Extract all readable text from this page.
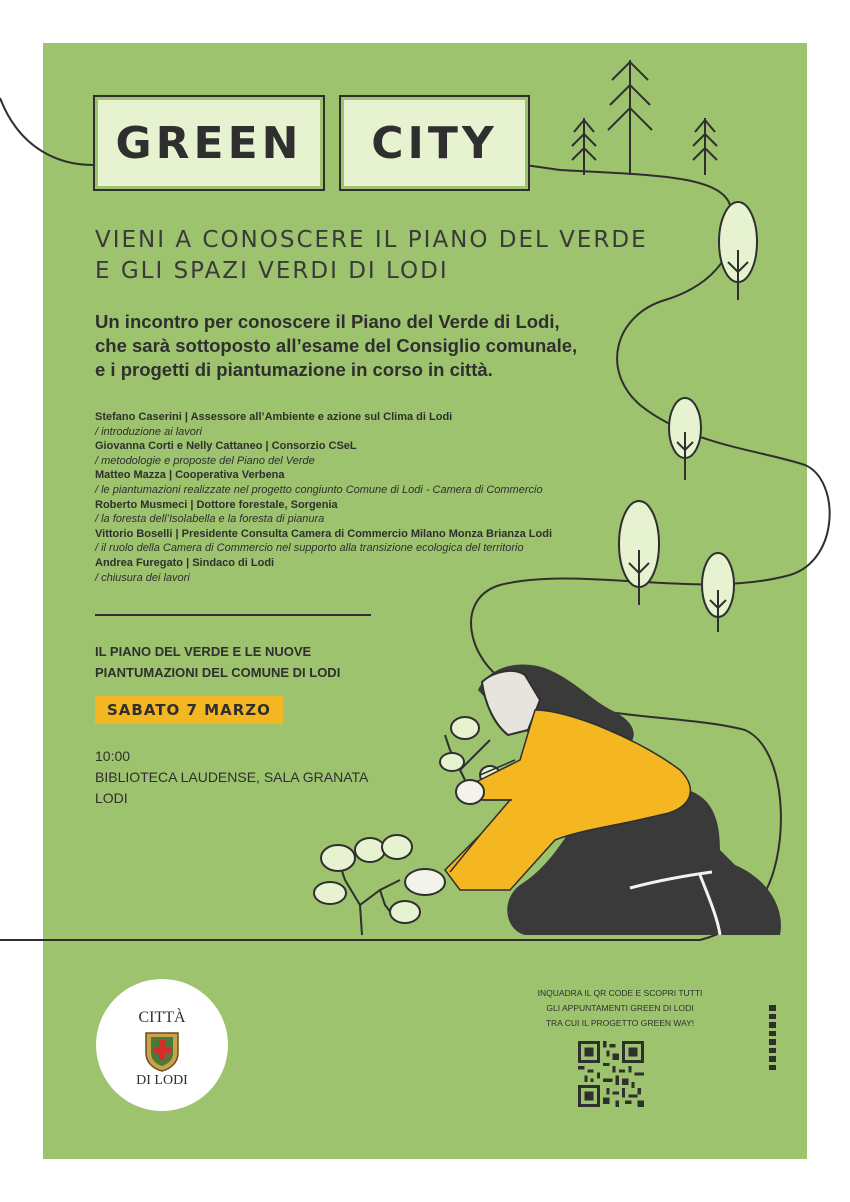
GREEN CITY
VIENI A CONOSCERE IL PIANO DEL VERDE
E GLI SPAZI VERDI DI LODI
Un incontro per conoscere il Piano del Verde di Lodi,
che sarà sottoposto all’esame del Consiglio comunale,
e i progetti di piantumazione in corso in città.
Stefano Caserini | Assessore all’Ambiente e azione sul Clima di Lodi
/ introduzione ai lavori
Giovanna Corti e Nelly Cattaneo | Consorzio CSeL
/ metodologie e proposte del Piano del Verde
Matteo Mazza | Cooperativa Verbena
/ le piantumazioni realizzate nel progetto congiunto Comune di Lodi - Camera di Commercio
Roberto Musmeci | Dottore forestale, Sorgenia
/ la foresta dell’Isolabella e la foresta di pianura
Vittorio Boselli | Presidente Consulta Camera di Commercio Milano Monza Brianza Lodi
/ il ruolo della Camera di Commercio nel supporto alla transizione ecologica del territorio
Andrea Furegato | Sindaco di Lodi
/ chiusura dei lavori
IL PIANO DEL VERDE E LE NUOVE
PIANTUMAZIONI DEL COMUNE DI LODI
SABATO 7 MARZO
10:00
BIBLIOTECA LAUDENSE, SALA GRANATA
LODI
CITTÀ
DI LODI
INQUADRA IL QR CODE E SCOPRI TUTTI
GLI APPUNTAMENTI GREEN DI LODI
TRA CUI IL PROGETTO GREEN WAY!
